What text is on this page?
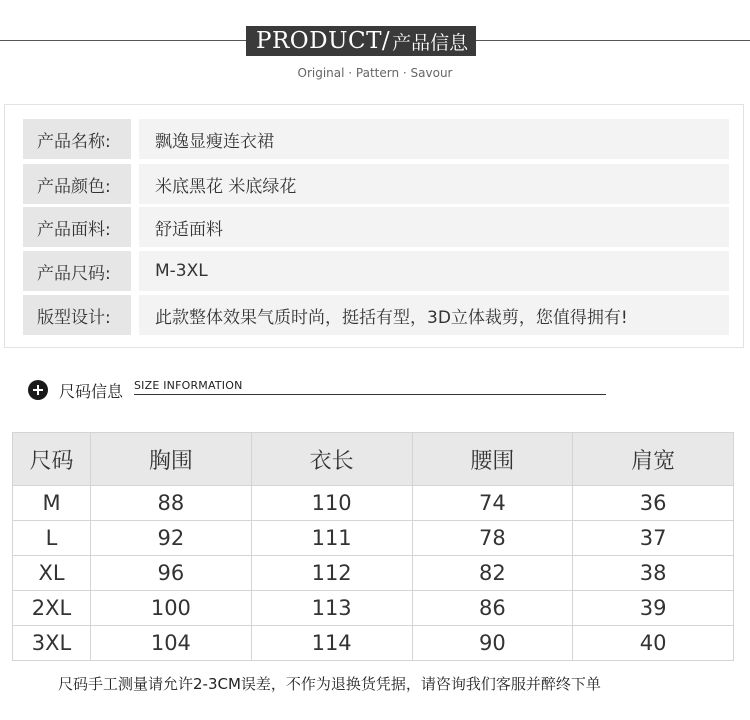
PRODUCT/ 产品信息
Original · Pattern · Savour
产品名称:	飘逸显瘦连衣裙
产品颜色:	米底黑花 米底绿花
产品面料:	舒适面料
产品尺码:	M-3XL
版型设计:	此款整体效果气质时尚，挺括有型，3D立体裁剪，您值得拥有!
尺码信息 SIZE INFORMATION
尺码	胸围	衣长	腰围	肩宽
M	88	110	74	36
L	92	111	78	37
XL	96	112	82	38
2XL	100	113	86	39
3XL	104	114	90	40
尺码手工测量请允许2-3CM误差，不作为退换货凭据，请咨询我们客服并醉终下单
